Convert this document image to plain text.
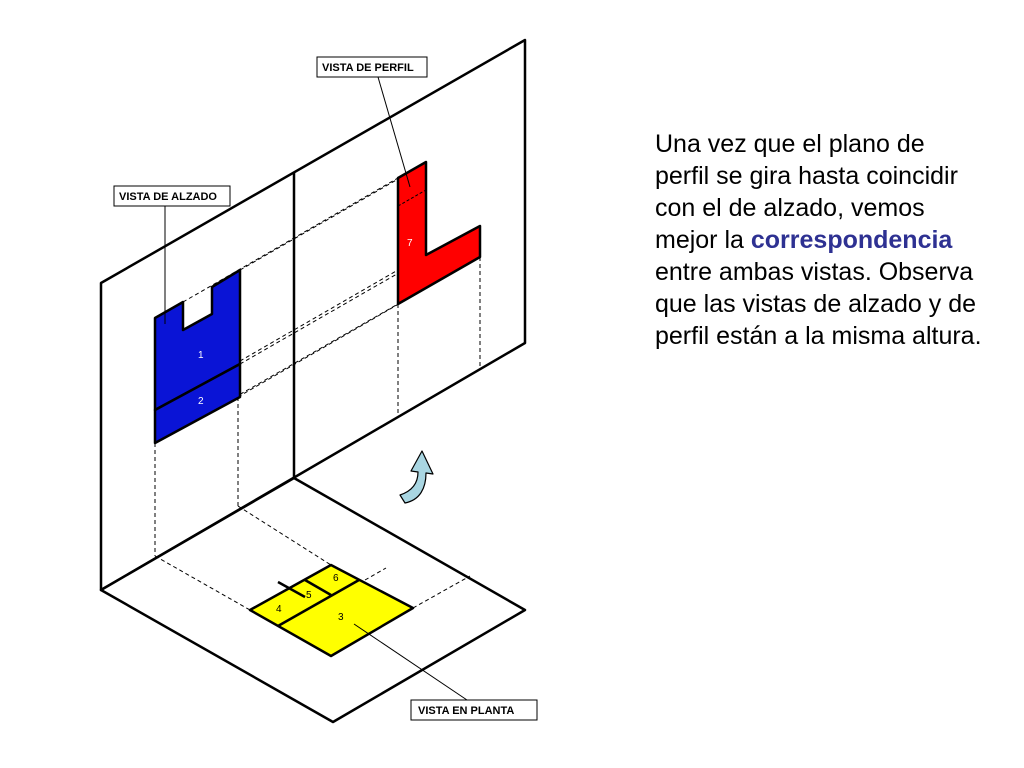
1
2
7
6
5
4
3
VISTA DE PERFIL
VISTA DE ALZADO
VISTA EN PLANTA
Una vez que el plano de perfil se gira hasta coincidir con el de alzado, vemos mejor la correspondencia entre ambas vistas. Observa que las vistas de alzado y de perfil están a la misma altura.
